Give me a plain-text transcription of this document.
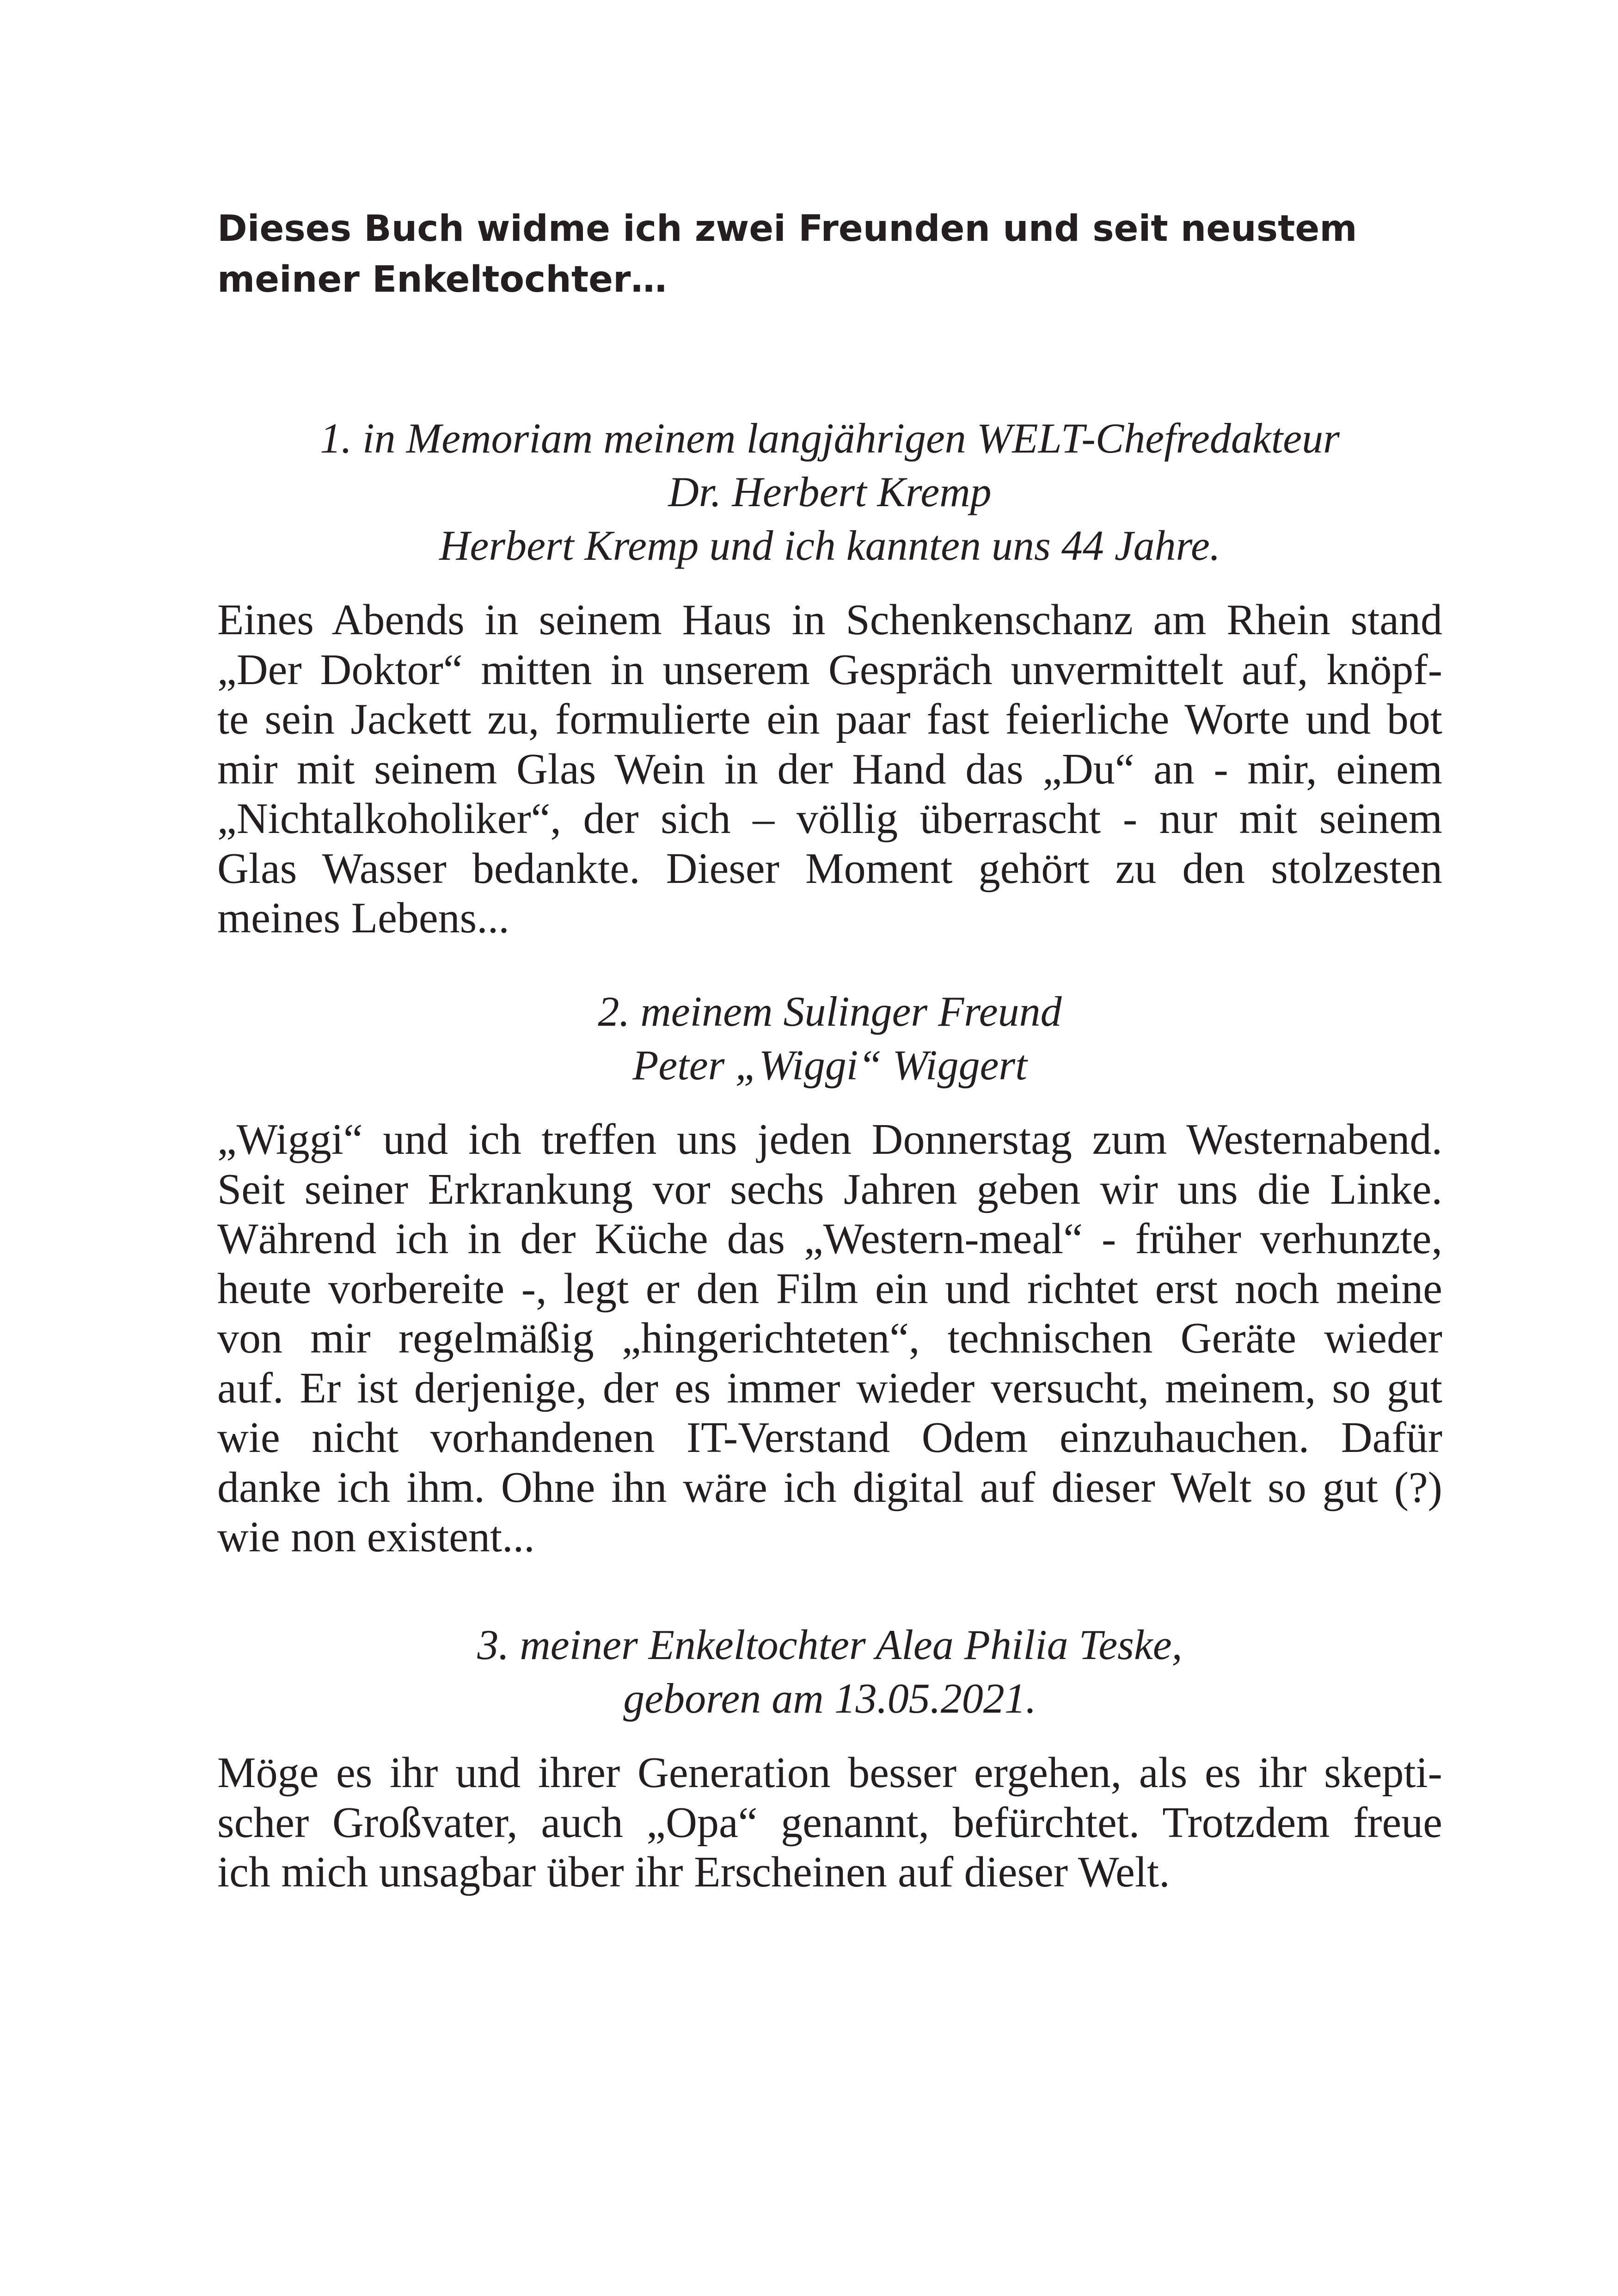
Dieses Buch widme ich zwei Freunden und seit neustem
meiner Enkeltochter…

1. in Memoriam meinem langjährigen WELT-Chefredakteur
Dr. Herbert Kremp
Herbert Kremp und ich kannten uns 44 Jahre.

Eines Abends in seinem Haus in Schenkenschanz am Rhein stand
„Der Doktor“ mitten in unserem Gespräch unvermittelt auf, knöpf-
te sein Jackett zu, formulierte ein paar fast feierliche Worte und bot
mir mit seinem Glas Wein in der Hand das „Du“ an - mir, einem
„Nichtalkoholiker“, der sich – völlig überrascht - nur mit seinem
Glas Wasser bedankte. Dieser Moment gehört zu den stolzesten
meines Lebens...

2. meinem Sulinger Freund
Peter „Wiggi“ Wiggert

„Wiggi“ und ich treffen uns jeden Donnerstag zum Westernabend.
Seit seiner Erkrankung vor sechs Jahren geben wir uns die Linke.
Während ich in der Küche das „Western-meal“ - früher verhunzte,
heute vorbereite -, legt er den Film ein und richtet erst noch meine
von mir regelmäßig „hingerichteten“, technischen Geräte wieder
auf. Er ist derjenige, der es immer wieder versucht, meinem, so gut
wie nicht vorhandenen IT-Verstand Odem einzuhauchen. Dafür
danke ich ihm. Ohne ihn wäre ich digital auf dieser Welt so gut (?)
wie non existent...

3. meiner Enkeltochter Alea Philia Teske,
geboren am 13.05.2021.

Möge es ihr und ihrer Generation besser ergehen, als es ihr skepti-
scher Großvater, auch „Opa“ genannt, befürchtet. Trotzdem freue
ich mich unsagbar über ihr Erscheinen auf dieser Welt.
